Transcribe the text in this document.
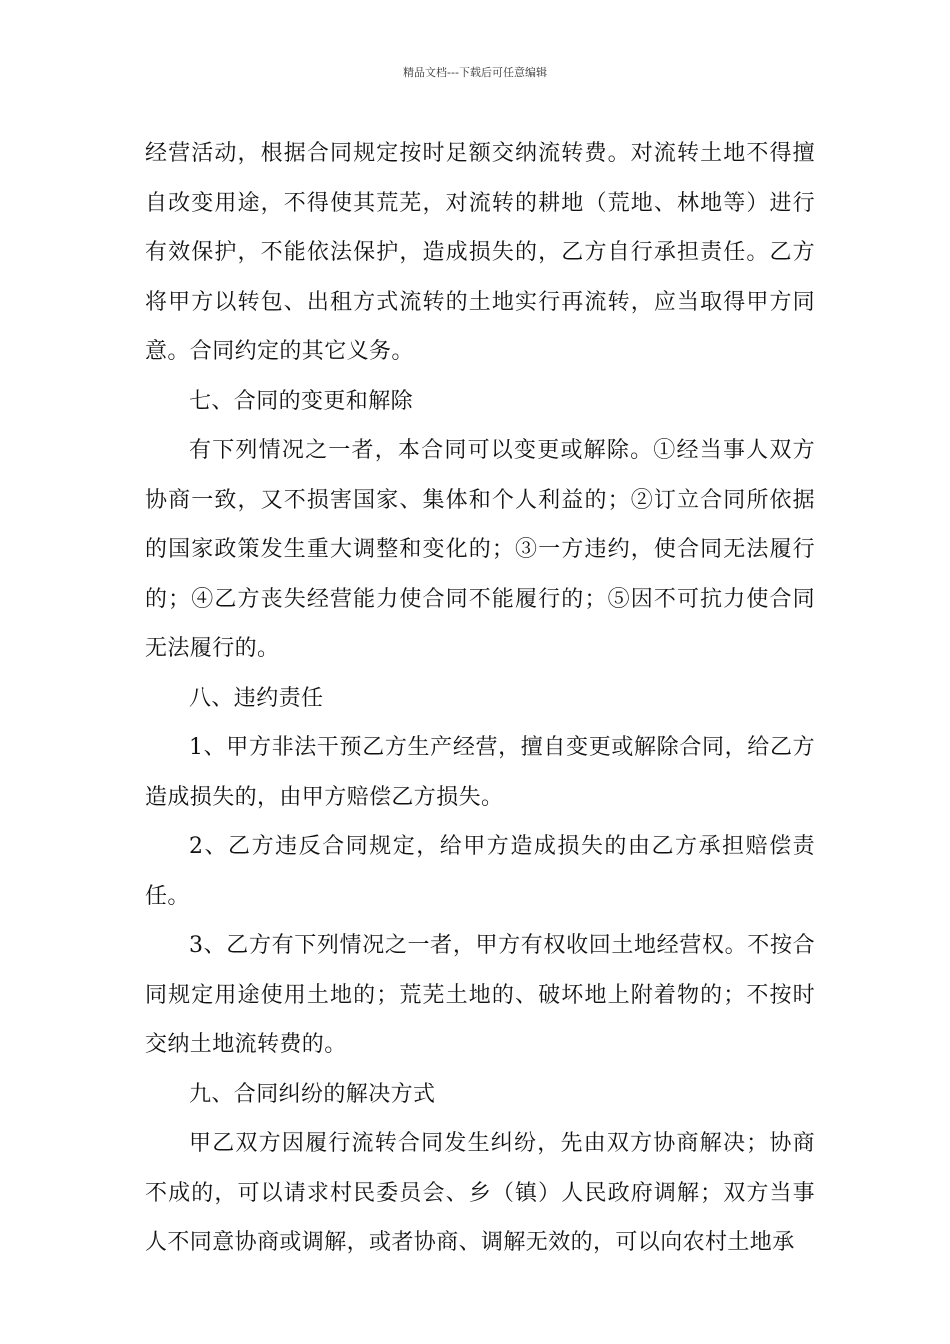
精品文档---下载后可任意编辑

经营活动，根据合同规定按时足额交纳流转费。对流转土地不得擅自改变用途，不得使其荒芜，对流转的耕地（荒地、林地等）进行有效保护，不能依法保护，造成损失的，乙方自行承担责任。乙方将甲方以转包、出租方式流转的土地实行再流转，应当取得甲方同意。合同约定的其它义务。

七、合同的变更和解除

有下列情况之一者，本合同可以变更或解除。①经当事人双方协商一致，又不损害国家、集体和个人利益的；②订立合同所依据的国家政策发生重大调整和变化的；③一方违约，使合同无法履行的；④乙方丧失经营能力使合同不能履行的；⑤因不可抗力使合同无法履行的。

八、违约责任

1、甲方非法干预乙方生产经营，擅自变更或解除合同，给乙方造成损失的，由甲方赔偿乙方损失。

2、乙方违反合同规定，给甲方造成损失的由乙方承担赔偿责任。

3、乙方有下列情况之一者，甲方有权收回土地经营权。不按合同规定用途使用土地的；荒芜土地的、破坏地上附着物的；不按时交纳土地流转费的。

九、合同纠纷的解决方式

甲乙双方因履行流转合同发生纠纷，先由双方协商解决；协商不成的，可以请求村民委员会、乡（镇）人民政府调解；双方当事人不同意协商或调解，或者协商、调解无效的，可以向农村土地承
